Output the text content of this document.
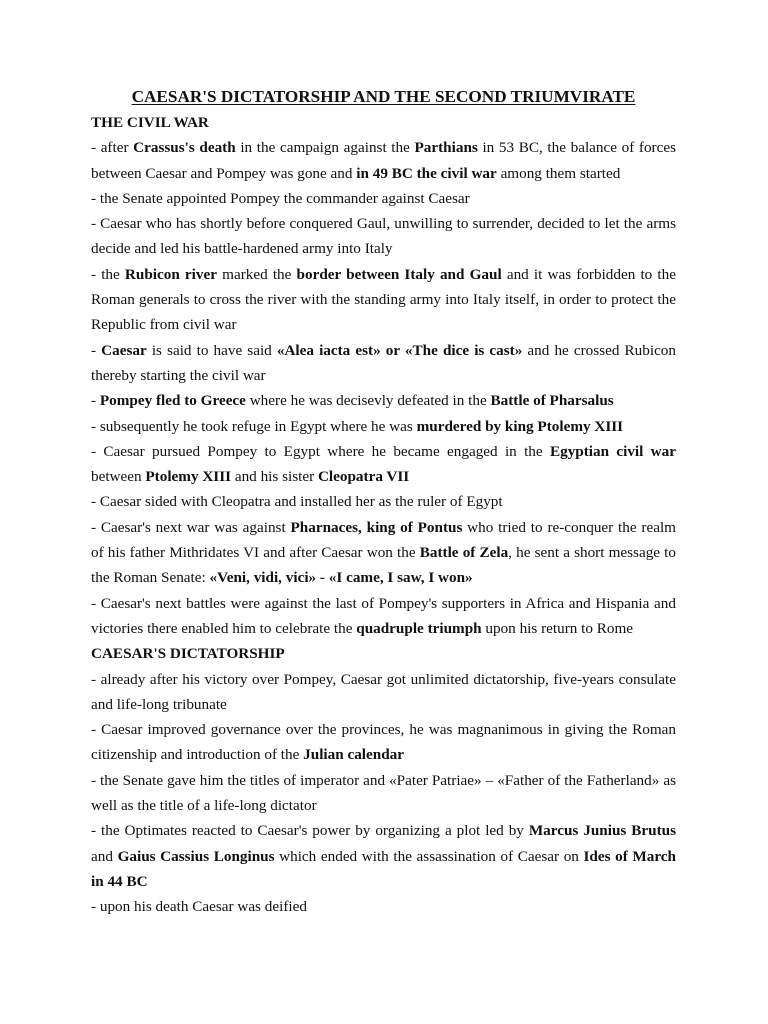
CAESAR'S DICTATORSHIP AND THE SECOND TRIUMVIRATE
THE CIVIL WAR

- after Crassus's death in the campaign against the Parthians in 53 BC, the balance of forces between Caesar and Pompey was gone and in 49 BC the civil war among them started

- the Senate appointed Pompey the commander against Caesar

- Caesar who has shortly before conquered Gaul, unwilling to surrender, decided to let the arms decide and led his battle-hardened army into Italy

- the Rubicon river marked the border between Italy and Gaul and it was forbidden to the Roman generals to cross the river with the standing army into Italy itself, in order to protect the Republic from civil war

- Caesar is said to have said «Alea iacta est» or «The dice is cast» and he crossed Rubicon thereby starting the civil war

- Pompey fled to Greece where he was decisevly defeated in the Battle of Pharsalus

- subsequently he took refuge in Egypt where he was murdered by king Ptolemy XIII

- Caesar pursued Pompey to Egypt where he became engaged in the Egyptian civil war between Ptolemy XIII and his sister Cleopatra VII

- Caesar sided with Cleopatra and installed her as the ruler of Egypt

- Caesar's next war was against Pharnaces, king of Pontus who tried to re-conquer the realm of his father Mithridates VI and after Caesar won the Battle of Zela, he sent a short message to the Roman Senate: «Veni, vidi, vici» - «I came, I saw, I won»

- Caesar's next battles were against the last of Pompey's supporters in Africa and Hispania and victories there enabled him to celebrate the quadruple triumph upon his return to Rome

CAESAR'S DICTATORSHIP

- already after his victory over Pompey, Caesar got unlimited dictatorship, five-years consulate and life-long tribunate

- Caesar improved governance over the provinces, he was magnanimous in giving the Roman citizenship and introduction of the Julian calendar

- the Senate gave him the titles of imperator and «Pater Patriae» – «Father of the Fatherland» as well as the title of a life-long dictator

- the Optimates reacted to Caesar's power by organizing a plot led by Marcus Junius Brutus and Gaius Cassius Longinus which ended with the assassination of Caesar on Ides of March in 44 BC

- upon his death Caesar was deified
